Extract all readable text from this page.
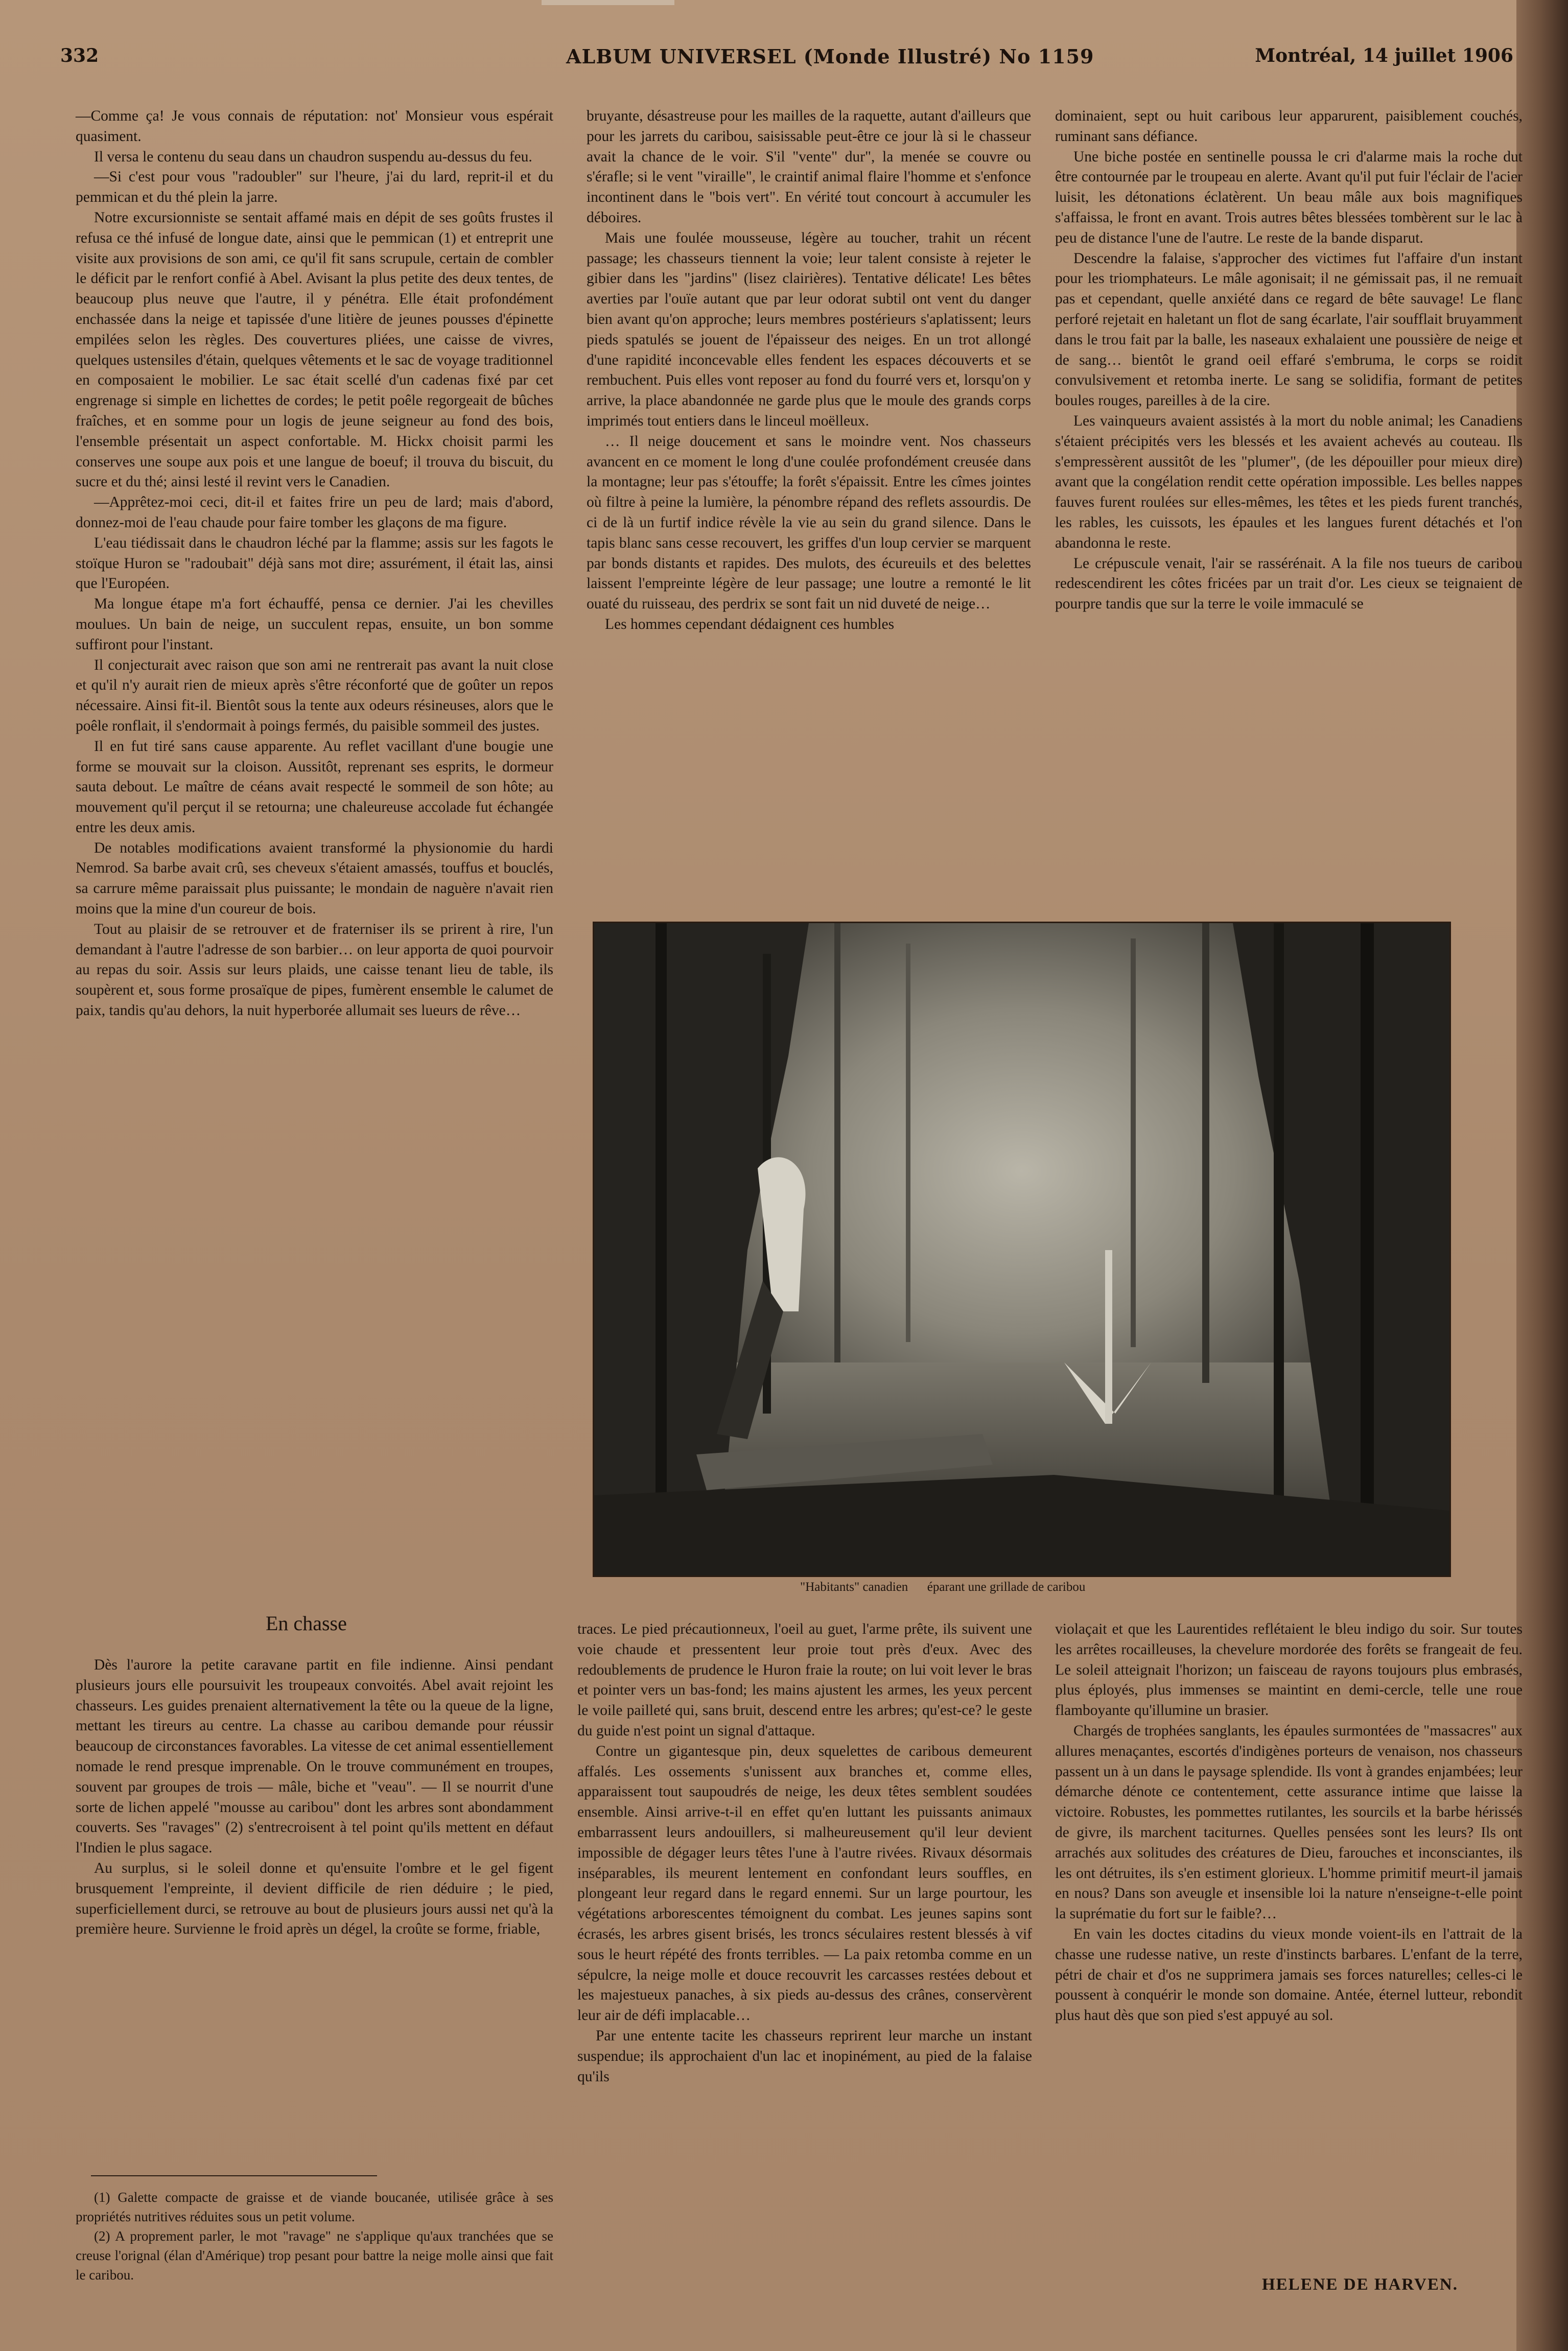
332	ALBUM UNIVERSEL (Monde Illustré) No 1159	Montréal, 14 juillet 1906

—Comme ça! Je vous connais de réputation: not' Monsieur vous espérait quasiment.

Il versa le contenu du seau dans un chaudron suspendu au-dessus du feu.

—Si c'est pour vous "radoubler" sur l'heure, j'ai du lard, reprit-il et du pemmican et du thé plein la jarre.

Notre excursionniste se sentait affamé mais en dépit de ses goûts frustes il refusa ce thé infusé de longue date, ainsi que le pemmican (1) et entreprit une visite aux provisions de son ami, ce qu'il fit sans scrupule, certain de combler le déficit par le renfort confié à Abel. Avisant la plus petite des deux tentes, de beaucoup plus neuve que l'autre, il y pénétra. Elle était profondément enchassée dans la neige et tapissée d'une litière de jeunes pousses d'épinette empilées selon les règles. Des couvertures pliées, une caisse de vivres, quelques ustensiles d'étain, quelques vêtements et le sac de voyage traditionnel en composaient le mobilier. Le sac était scellé d'un cadenas fixé par cet engrenage si simple en lichettes de cordes; le petit poêle regorgeait de bûches fraîches, et en somme pour un logis de jeune seigneur au fond des bois, l'ensemble présentait un aspect confortable. M. Hickx choisit parmi les conserves une soupe aux pois et une langue de boeuf; il trouva du biscuit, du sucre et du thé; ainsi lesté il revint vers le Canadien.

—Apprêtez-moi ceci, dit-il et faites frire un peu de lard; mais d'abord, donnez-moi de l'eau chaude pour faire tomber les glaçons de ma figure.

L'eau tiédissait dans le chaudron léché par la flamme; assis sur les fagots le stoïque Huron se "radoubait" déjà sans mot dire; assurément, il était las, ainsi que l'Européen.

Ma longue étape m'a fort échauffé, pensa ce dernier. J'ai les chevilles moulues. Un bain de neige, un succulent repas, ensuite, un bon somme suffiront pour l'instant.

Il conjecturait avec raison que son ami ne rentrerait pas avant la nuit close et qu'il n'y aurait rien de mieux après s'être réconforté que de goûter un repos nécessaire. Ainsi fit-il. Bientôt sous la tente aux odeurs résineuses, alors que le poêle ronflait, il s'endormait à poings fermés, du paisible sommeil des justes.

Il en fut tiré sans cause apparente. Au reflet vacillant d'une bougie une forme se mouvait sur la cloison. Aussitôt, reprenant ses esprits, le dormeur sauta debout. Le maître de céans avait respecté le sommeil de son hôte; au mouvement qu'il perçut il se retourna; une chaleureuse accolade fut échangée entre les deux amis.

De notables modifications avaient transformé la physionomie du hardi Nemrod. Sa barbe avait crû, ses cheveux s'étaient amassés, touffus et bouclés, sa carrure même paraissait plus puissante; le mondain de naguère n'avait rien moins que la mine d'un coureur de bois.

Tout au plaisir de se retrouver et de fraterniser ils se prirent à rire, l'un demandant à l'autre l'adresse de son barbier… on leur apporta de quoi pourvoir au repas du soir. Assis sur leurs plaids, une caisse tenant lieu de table, ils soupèrent et, sous forme prosaïque de pipes, fumèrent ensemble le calumet de paix, tandis qu'au dehors, la nuit hyperborée allumait ses lueurs de rêve…

En chasse

Dès l'aurore la petite caravane partit en file indienne. Ainsi pendant plusieurs jours elle poursuivit les troupeaux convoités. Abel avait rejoint les chasseurs. Les guides prenaient alternativement la tête ou la queue de la ligne, mettant les tireurs au centre. La chasse au caribou demande pour réussir beaucoup de circonstances favorables. La vitesse de cet animal essentiellement nomade le rend presque imprenable. On le trouve communément en troupes, souvent par groupes de trois — mâle, biche et "veau". — Il se nourrit d'une sorte de lichen appelé "mousse au caribou" dont les arbres sont abondamment couverts. Ses "ravages" (2) s'entrecroisent à tel point qu'ils mettent en défaut l'Indien le plus sagace.

Au surplus, si le soleil donne et qu'ensuite l'ombre et le gel figent brusquement l'empreinte, il devient difficile de rien déduire ; le pied, superficiellement durci, se retrouve au bout de plusieurs jours aussi net qu'à la première heure. Survienne le froid après un dégel, la croûte se forme, friable,

(1) Galette compacte de graisse et de viande boucanée, utilisée grâce à ses propriétés nutritives réduites sous un petit volume.

(2) A proprement parler, le mot "ravage" ne s'applique qu'aux tranchées que se creuse l'orignal (élan d'Amérique) trop pesant pour battre la neige molle ainsi que fait le caribou.

bruyante, désastreuse pour les mailles de la raquette, autant d'ailleurs que pour les jarrets du caribou, saisissable peut-être ce jour là si le chasseur avait la chance de le voir. S'il "vente" dur", la menée se couvre ou s'érafle; si le vent "viraille", le craintif animal flaire l'homme et s'enfonce incontinent dans le "bois vert". En vérité tout concourt à accumuler les déboires.

Mais une foulée mousseuse, légère au toucher, trahit un récent passage; les chasseurs tiennent la voie; leur talent consiste à rejeter le gibier dans les "jardins" (lisez clairières). Tentative délicate! Les bêtes averties par l'ouïe autant que par leur odorat subtil ont vent du danger bien avant qu'on approche; leurs membres postérieurs s'aplatissent; leurs pieds spatulés se jouent de l'épaisseur des neiges. En un trot allongé d'une rapidité inconcevable elles fendent les espaces découverts et se rembuchent. Puis elles vont reposer au fond du fourré vers et, lorsqu'on y arrive, la place abandonnée ne garde plus que le moule des grands corps imprimés tout entiers dans le linceul moëlleux.

… Il neige doucement et sans le moindre vent. Nos chasseurs avancent en ce moment le long d'une coulée profondément creusée dans la montagne; leur pas s'étouffe; la forêt s'épaissit. Entre les cîmes jointes où filtre à peine la lumière, la pénombre répand des reflets assourdis. De ci de là un furtif indice révèle la vie au sein du grand silence. Dans le tapis blanc sans cesse recouvert, les griffes d'un loup cervier se marquent par bonds distants et rapides. Des mulots, des écureuils et des belettes laissent l'empreinte légère de leur passage; une loutre a remonté le lit ouaté du ruisseau, des perdrix se sont fait un nid duveté de neige…

Les hommes cependant dédaignent ces humbles

dominaient, sept ou huit caribous leur apparurent, paisiblement couchés, ruminant sans défiance.

Une biche postée en sentinelle poussa le cri d'alarme mais la roche dut être contournée par le troupeau en alerte. Avant qu'il put fuir l'éclair de l'acier luisit, les détonations éclatèrent. Un beau mâle aux bois magnifiques s'affaissa, le front en avant. Trois autres bêtes blessées tombèrent sur le lac à peu de distance l'une de l'autre. Le reste de la bande disparut.

Descendre la falaise, s'approcher des victimes fut l'affaire d'un instant pour les triomphateurs. Le mâle agonisait; il ne gémissait pas, il ne remuait pas et cependant, quelle anxiété dans ce regard de bête sauvage! Le flanc perforé rejetait en haletant un flot de sang écarlate, l'air soufflait bruyamment dans le trou fait par la balle, les naseaux exhalaient une poussière de neige et de sang… bientôt le grand oeil effaré s'embruma, le corps se roidit convulsivement et retomba inerte. Le sang se solidifia, formant de petites boules rouges, pareilles à de la cire.

Les vainqueurs avaient assistés à la mort du noble animal; les Canadiens s'étaient précipités vers les blessés et les avaient achevés au couteau. Ils s'empressèrent aussitôt de les "plumer", (de les dépouiller pour mieux dire) avant que la congélation rendit cette opération impossible. Les belles nappes fauves furent roulées sur elles-mêmes, les têtes et les pieds furent tranchés, les rables, les cuissots, les épaules et les langues furent détachés et l'on abandonna le reste.

Le crépuscule venait, l'air se rassérénait. A la file nos tueurs de caribou redescendirent les côtes fricées par un trait d'or. Les cieux se teignaient de pourpre tandis que sur la terre le voile immaculé se

"Habitants" canadien      éparant une grillade de caribou

traces. Le pied précautionneux, l'oeil au guet, l'arme prête, ils suivent une voie chaude et pressentent leur proie tout près d'eux. Avec des redoublements de prudence le Huron fraie la route; on lui voit lever le bras et pointer vers un bas-fond; les mains ajustent les armes, les yeux percent le voile pailleté qui, sans bruit, descend entre les arbres; qu'est-ce? le geste du guide n'est point un signal d'attaque.

Contre un gigantesque pin, deux squelettes de caribous demeurent affalés. Les ossements s'unissent aux branches et, comme elles, apparaissent tout saupoudrés de neige, les deux têtes semblent soudées ensemble. Ainsi arrive-t-il en effet qu'en luttant les puissants animaux embarrassent leurs andouillers, si malheureusement qu'il leur devient impossible de dégager leurs têtes l'une à l'autre rivées. Rivaux désormais inséparables, ils meurent lentement en confondant leurs souffles, en plongeant leur regard dans le regard ennemi. Sur un large pourtour, les végétations arborescentes témoignent du combat. Les jeunes sapins sont écrasés, les arbres gisent brisés, les troncs séculaires restent blessés à vif sous le heurt répété des fronts terribles. — La paix retomba comme en un sépulcre, la neige molle et douce recouvrit les carcasses restées debout et les majestueux panaches, à six pieds au-dessus des crânes, conservèrent leur air de défi implacable…

Par une entente tacite les chasseurs reprirent leur marche un instant suspendue; ils approchaient d'un lac et inopinément, au pied de la falaise qu'ils

violaçait et que les Laurentides reflétaient le bleu indigo du soir. Sur toutes les arrêtes rocailleuses, la chevelure mordorée des forêts se frangeait de feu. Le soleil atteignait l'horizon; un faisceau de rayons toujours plus embrasés, plus éployés, plus immenses se maintint en demi-cercle, telle une roue flamboyante qu'illumine un brasier.

Chargés de trophées sanglants, les épaules surmontées de "massacres" aux allures menaçantes, escortés d'indigènes porteurs de venaison, nos chasseurs passent un à un dans le paysage splendide. Ils vont à grandes enjambées; leur démarche dénote ce contentement, cette assurance intime que laisse la victoire. Robustes, les pommettes rutilantes, les sourcils et la barbe hérissés de givre, ils marchent taciturnes. Quelles pensées sont les leurs? Ils ont arrachés aux solitudes des créatures de Dieu, farouches et inconsciantes, ils les ont détruites, ils s'en estiment glorieux. L'homme primitif meurt-il jamais en nous? Dans son aveugle et insensible loi la nature n'enseigne-t-elle point la suprématie du fort sur le faible?…

En vain les doctes citadins du vieux monde voient-ils en l'attrait de la chasse une rudesse native, un reste d'instincts barbares. L'enfant de la terre, pétri de chair et d'os ne supprimera jamais ses forces naturelles; celles-ci le poussent à conquérir le monde son domaine. Antée, éternel lutteur, rebondit plus haut dès que son pied s'est appuyé au sol.

HELENE DE HARVEN.
